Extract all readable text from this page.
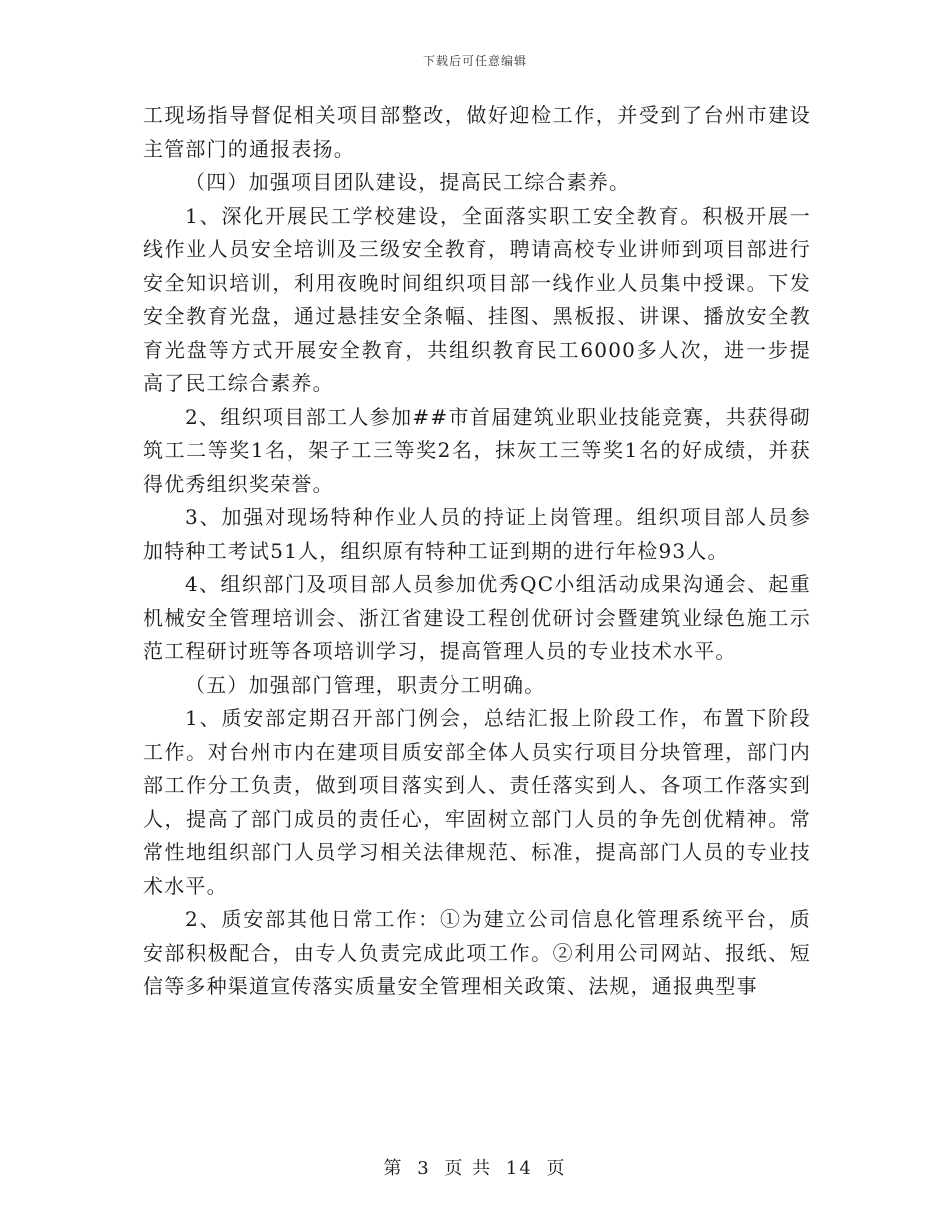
下载后可任意编辑

工现场指导督促相关项目部整改，做好迎检工作，并受到了台州市建设主管部门的通报表扬。

（四）加强项目团队建设，提高民工综合素养。

1、深化开展民工学校建设，全面落实职工安全教育。积极开展一线作业人员安全培训及三级安全教育，聘请高校专业讲师到项目部进行安全知识培训，利用夜晚时间组织项目部一线作业人员集中授课。下发安全教育光盘，通过悬挂安全条幅、挂图、黑板报、讲课、播放安全教育光盘等方式开展安全教育，共组织教育民工6000多人次，进一步提高了民工综合素养。

2、组织项目部工人参加##市首届建筑业职业技能竞赛，共获得砌筑工二等奖1名，架子工三等奖2名，抹灰工三等奖1名的好成绩，并获得优秀组织奖荣誉。

3、加强对现场特种作业人员的持证上岗管理。组织项目部人员参加特种工考试51人，组织原有特种工证到期的进行年检93人。

4、组织部门及项目部人员参加优秀QC小组活动成果沟通会、起重机械安全管理培训会、浙江省建设工程创优研讨会暨建筑业绿色施工示范工程研讨班等各项培训学习，提高管理人员的专业技术水平。

（五）加强部门管理，职责分工明确。

1、质安部定期召开部门例会，总结汇报上阶段工作，布置下阶段工作。对台州市内在建项目质安部全体人员实行项目分块管理，部门内部工作分工负责，做到项目落实到人、责任落实到人、各项工作落实到人，提高了部门成员的责任心，牢固树立部门人员的争先创优精神。常常性地组织部门人员学习相关法律规范、标准，提高部门人员的专业技术水平。

2、质安部其他日常工作：①为建立公司信息化管理系统平台，质安部积极配合，由专人负责完成此项工作。②利用公司网站、报纸、短信等多种渠道宣传落实质量安全管理相关政策、法规，通报典型事

第 3 页 共 14 页
